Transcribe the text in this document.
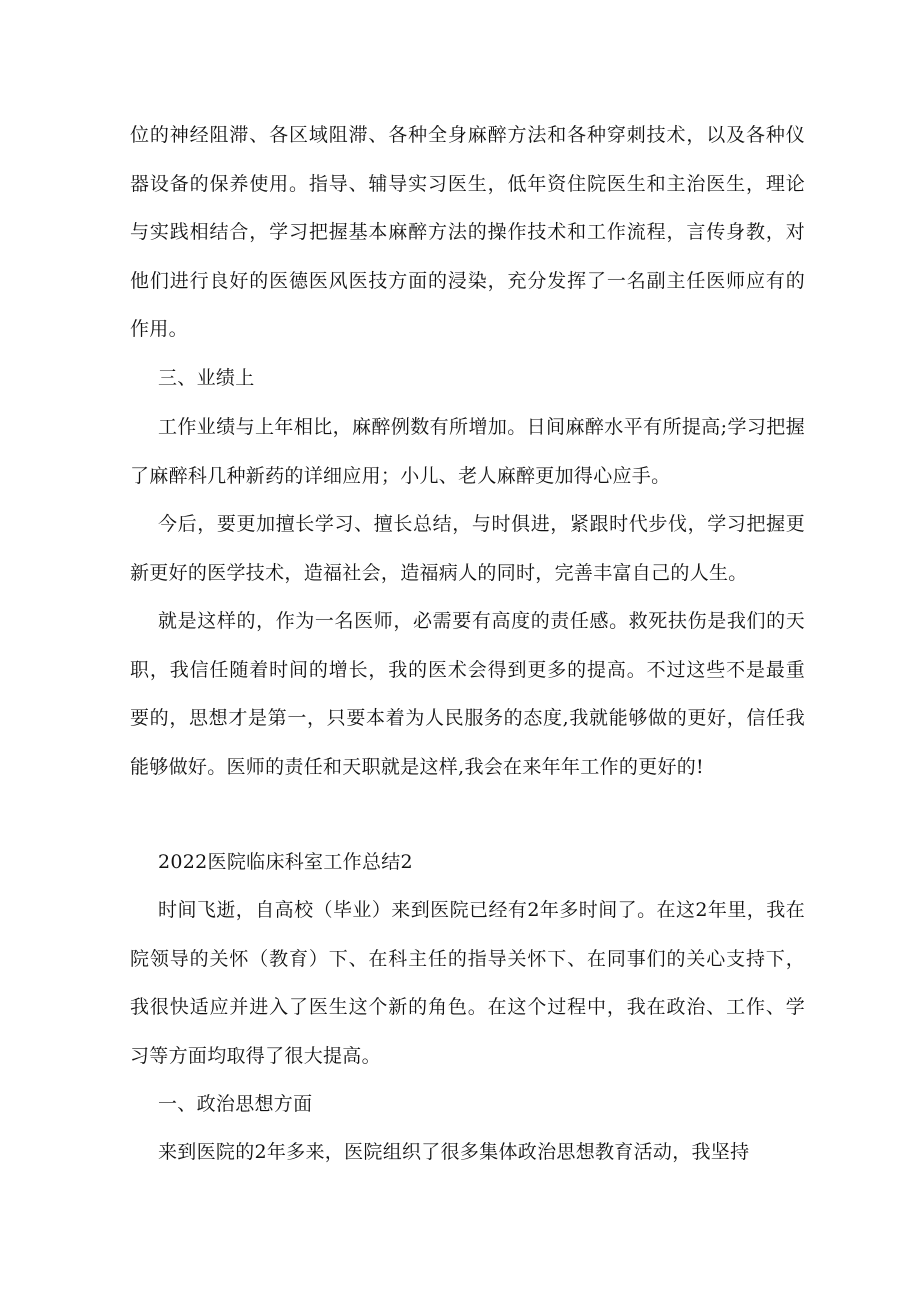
位的神经阻滞、各区域阻滞、各种全身麻醉方法和各种穿刺技术，以及各种仪器设备的保养使用。指导、辅导实习医生，低年资住院医生和主治医生，理论与实践相结合，学习把握基本麻醉方法的操作技术和工作流程，言传身教，对他们进行良好的医德医风医技方面的浸染，充分发挥了一名副主任医师应有的作用。

三、业绩上

工作业绩与上年相比，麻醉例数有所增加。日间麻醉水平有所提高;学习把握了麻醉科几种新药的详细应用；小儿、老人麻醉更加得心应手。

今后，要更加擅长学习、擅长总结，与时俱进，紧跟时代步伐，学习把握更新更好的医学技术，造福社会，造福病人的同时，完善丰富自己的人生。

就是这样的，作为一名医师，必需要有高度的责任感。救死扶伤是我们的天职，我信任随着时间的增长，我的医术会得到更多的提高。不过这些不是最重要的，思想才是第一，只要本着为人民服务的态度,我就能够做的更好，信任我能够做好。医师的责任和天职就是这样,我会在来年年工作的更好的!

2022医院临床科室工作总结2

时间飞逝，自高校（毕业）来到医院已经有2年多时间了。在这2年里，我在院领导的关怀（教育）下、在科主任的指导关怀下、在同事们的关心支持下，我很快适应并进入了医生这个新的角色。在这个过程中，我在政治、工作、学习等方面均取得了很大提高。

一、政治思想方面

来到医院的2年多来，医院组织了很多集体政治思想教育活动，我坚持
